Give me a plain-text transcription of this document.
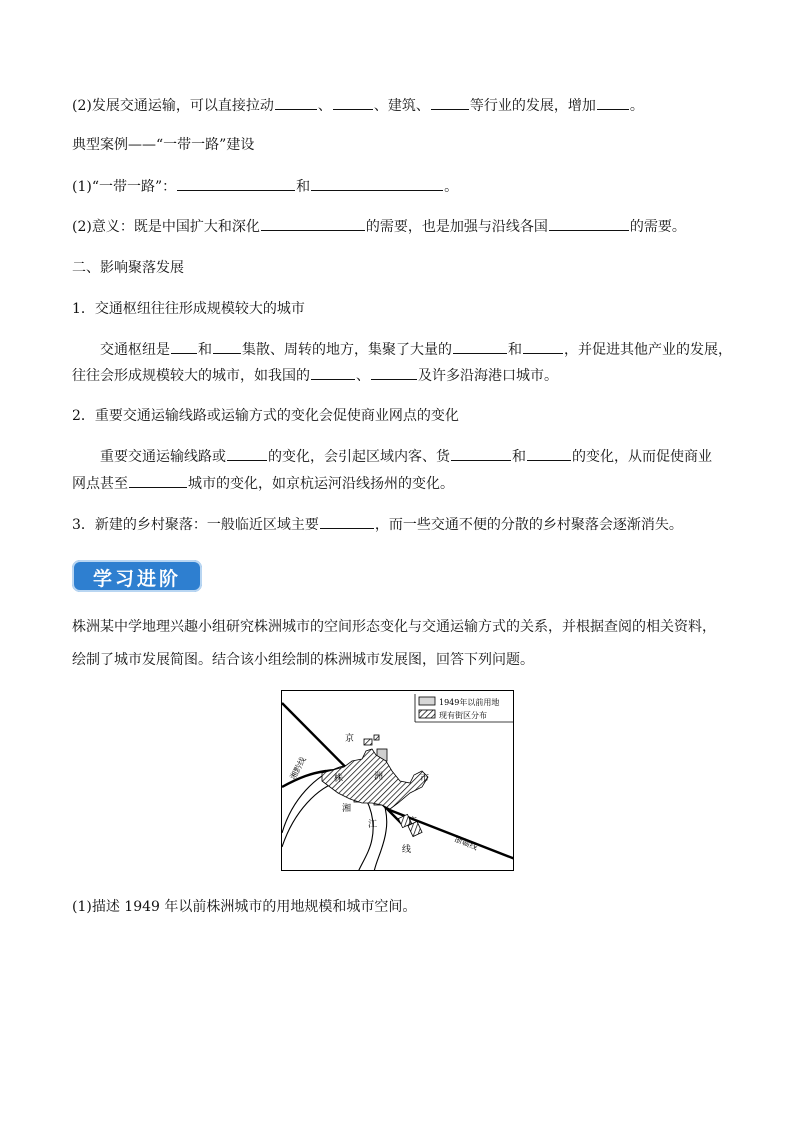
(2)发展交通运输，可以直接拉动	、	、建筑、	等行业的发展，增加 。
典型案例——“一带一路”建设
(1)“一带一路”：	和	。
(2)意义：既是中国扩大和深化	的需要，也是加强与沿线各国	的需要。
二、影响聚落发展
1．交通枢纽往往形成规模较大的城市
交通枢纽是 和 集散、周转的地方，集聚了大量的	和	，并促进其他产业的发展，
往往会形成规模较大的城市，如我国的	、	及许多沿海港口城市。
2．重要交通运输线路或运输方式的变化会促使商业网点的变化
重要交通运输线路或	的变化，会引起区域内客、货	和	的变化，从而促使商业
网点甚至	城市的变化，如京杭运河沿线扬州的变化。
3．新建的乡村聚落：一般临近区域主要	，而一些交通不便的分散的乡村聚落会逐渐消失。
学习进阶
株洲某中学地理兴趣小组研究株洲城市的空间形态变化与交通运输方式的关系，并根据查阅的相关资料，
绘制了城市发展简图。结合该小组绘制的株洲城市发展图，回答下列问题。
1949年以前用地
现有街区分布
京
广
线
湘黔线
浙赣线
株	洲	市
湘
江
(1)描述 1949 年以前株洲城市的用地规模和城市空间。
